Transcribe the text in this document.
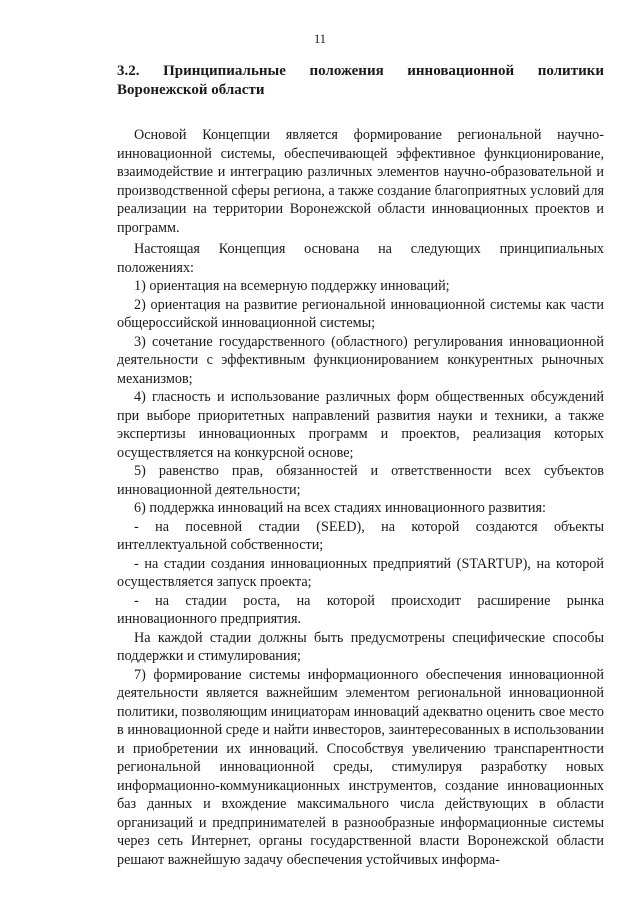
11

3.2. Принципиальные положения инновационной политики Воронежской области

Основой Концепции является формирование региональной научно-инновационной системы, обеспечивающей эффективное функционирование, взаимодействие и интеграцию различных элементов научно-образовательной и производственной сферы региона, а также создание благоприятных условий для реализации на территории Воронежской области инновационных проектов и программ.

Настоящая Концепция основана на следующих принципиальных положениях:

1) ориентация на всемерную поддержку инноваций;

2) ориентация на развитие региональной инновационной системы как части общероссийской инновационной системы;

3) сочетание государственного (областного) регулирования инновационной деятельности с эффективным функционированием конкурентных рыночных механизмов;

4) гласность и использование различных форм общественных обсуждений при выборе приоритетных направлений развития науки и техники, а также экспертизы инновационных программ и проектов, реализация которых осуществляется на конкурсной основе;

5) равенство прав, обязанностей и ответственности всех субъектов инновационной деятельности;

6) поддержка инноваций на всех стадиях инновационного развития:

- на посевной стадии (SEED), на которой создаются объекты интеллектуальной собственности;

- на стадии создания инновационных предприятий (STARTUP), на которой осуществляется запуск проекта;

- на стадии роста, на которой происходит расширение рынка инновационного предприятия.

На каждой стадии должны быть предусмотрены специфические способы поддержки и стимулирования;

7) формирование системы информационного обеспечения инновационной деятельности является важнейшим элементом региональной инновационной политики, позволяющим инициаторам инноваций адекватно оценить свое место в инновационной среде и найти инвесторов, заинтересованных в использовании и приобретении их инноваций. Способствуя увеличению транспарентности региональной инновационной среды, стимулируя разработку новых информационно-коммуникационных инструментов, создание инновационных баз данных и вхождение максимального числа действующих в области организаций и предпринимателей в разнообразные информационные системы через сеть Интернет, органы государственной власти Воронежской области решают важнейшую задачу обеспечения устойчивых информа-
